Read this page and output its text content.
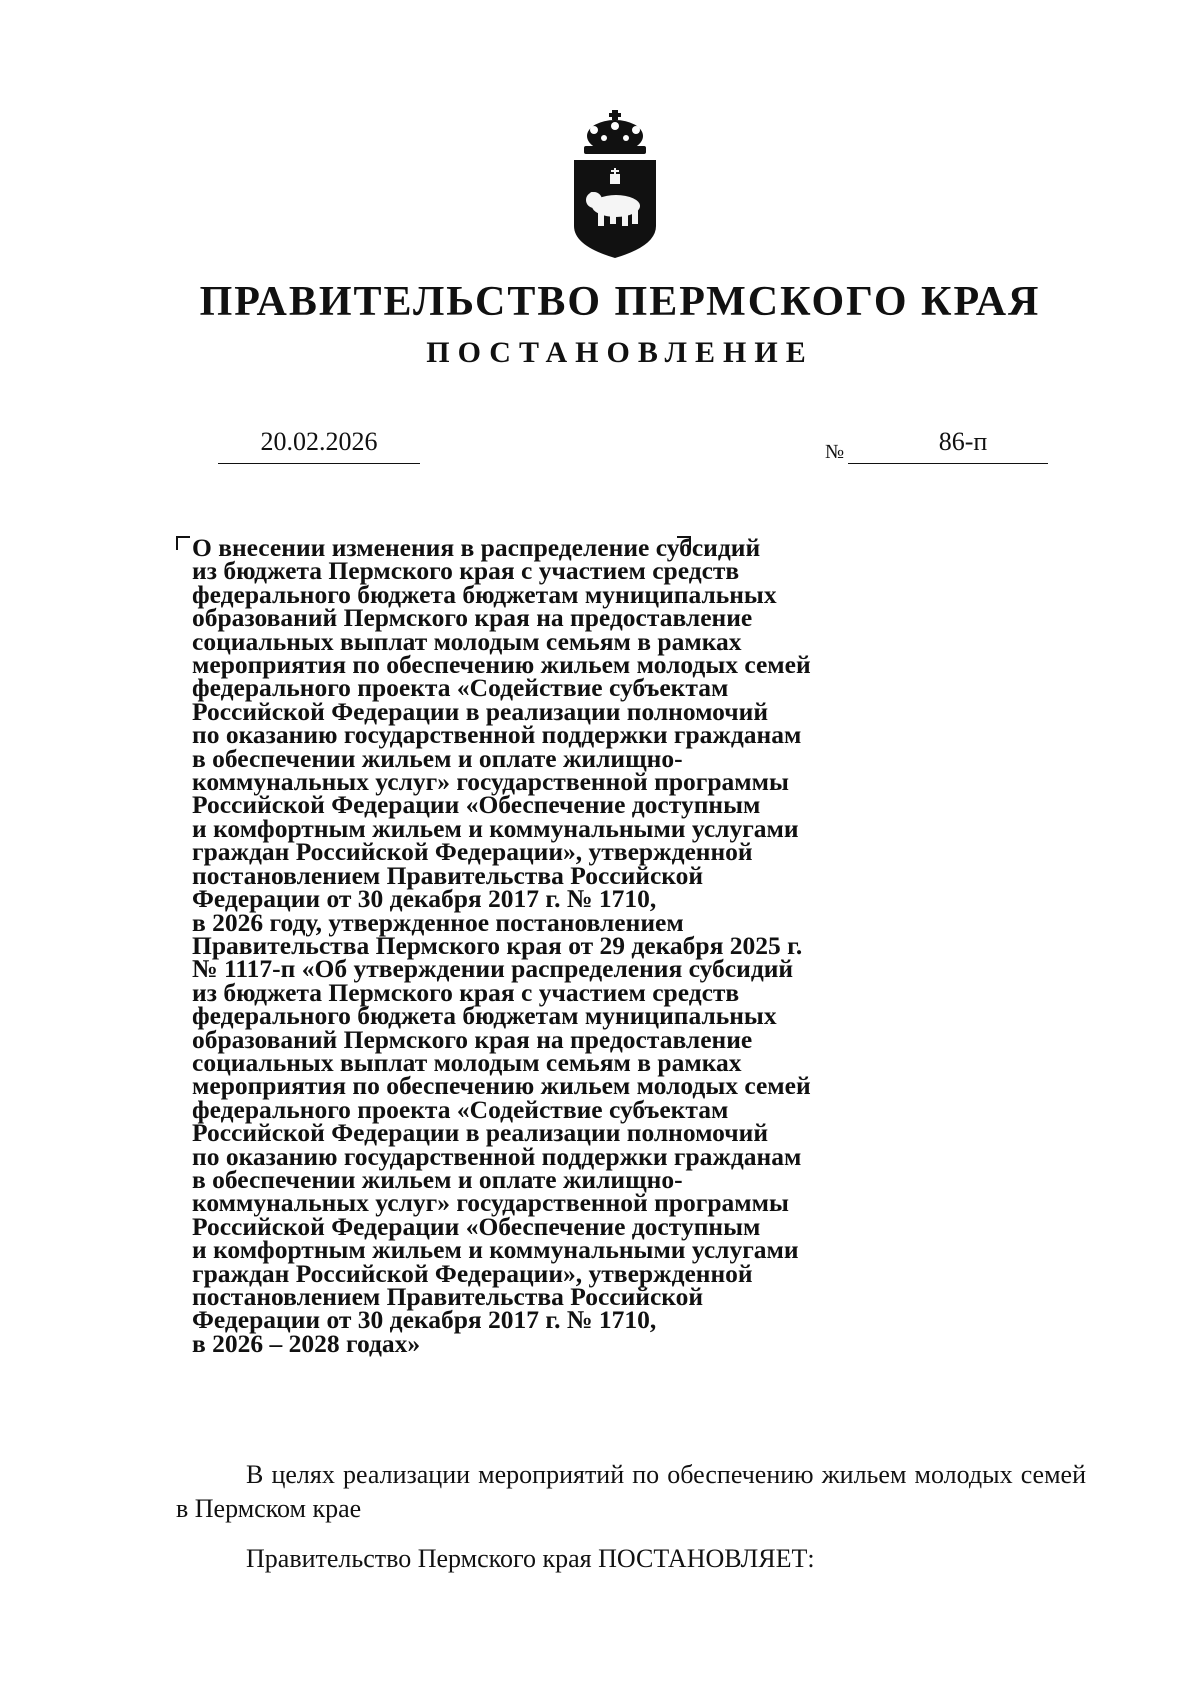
ПРАВИТЕЛЬСТВО ПЕРМСКОГО КРАЯ
ПОСТАНОВЛЕНИЕ
20.02.2026	№	86-п

О внесении изменения в распределение субсидий
из бюджета Пермского края с участием средств
федерального бюджета бюджетам муниципальных
образований Пермского края на предоставление
социальных выплат молодым семьям в рамках
мероприятия по обеспечению жильем молодых семей
федерального проекта «Содействие субъектам
Российской Федерации в реализации полномочий
по оказанию государственной поддержки гражданам
в обеспечении жильем и оплате жилищно-
коммунальных услуг» государственной программы
Российской Федерации «Обеспечение доступным
и комфортным жильем и коммунальными услугами
граждан Российской Федерации», утвержденной
постановлением Правительства Российской
Федерации от 30 декабря 2017 г. № 1710,
в 2026 году, утвержденное постановлением
Правительства Пермского края от 29 декабря 2025 г.
№ 1117-п «Об утверждении распределения субсидий
из бюджета Пермского края с участием средств
федерального бюджета бюджетам муниципальных
образований Пермского края на предоставление
социальных выплат молодым семьям в рамках
мероприятия по обеспечению жильем молодых семей
федерального проекта «Содействие субъектам
Российской Федерации в реализации полномочий
по оказанию государственной поддержки гражданам
в обеспечении жильем и оплате жилищно-
коммунальных услуг» государственной программы
Российской Федерации «Обеспечение доступным
и комфортным жильем и коммунальными услугами
граждан Российской Федерации», утвержденной
постановлением Правительства Российской
Федерации от 30 декабря 2017 г. № 1710,
в 2026 – 2028 годах»

В целях реализации мероприятий по обеспечению жильем молодых семей в Пермском крае

Правительство Пермского края ПОСТАНОВЛЯЕТ:
